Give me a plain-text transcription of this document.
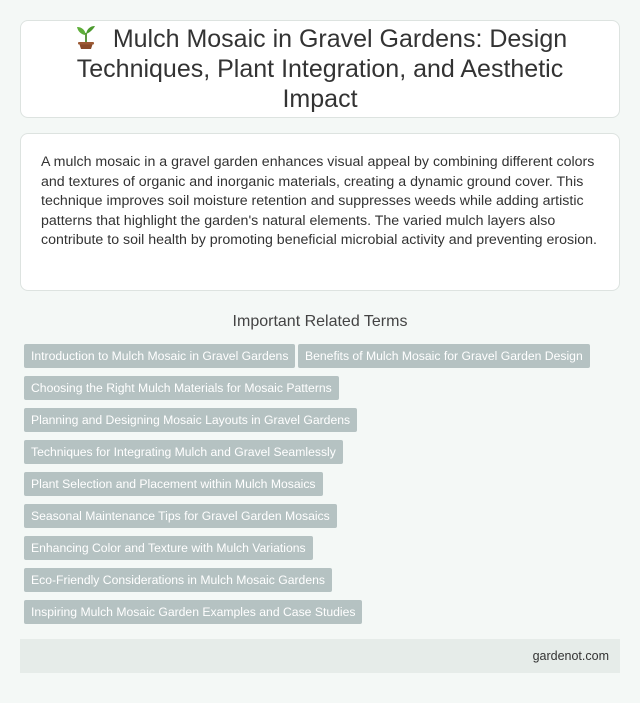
Mulch Mosaic in Gravel Gardens: Design Techniques, Plant Integration, and Aesthetic Impact

A mulch mosaic in a gravel garden enhances visual appeal by combining different colors and textures of organic and inorganic materials, creating a dynamic ground cover. This technique improves soil moisture retention and suppresses weeds while adding artistic patterns that highlight the garden's natural elements. The varied mulch layers also contribute to soil health by promoting beneficial microbial activity and preventing erosion.

Important Related Terms
Introduction to Mulch Mosaic in Gravel Gardens	Benefits of Mulch Mosaic for Gravel Garden Design
Choosing the Right Mulch Materials for Mosaic Patterns
Planning and Designing Mosaic Layouts in Gravel Gardens
Techniques for Integrating Mulch and Gravel Seamlessly
Plant Selection and Placement within Mulch Mosaics
Seasonal Maintenance Tips for Gravel Garden Mosaics
Enhancing Color and Texture with Mulch Variations
Eco-Friendly Considerations in Mulch Mosaic Gardens
Inspiring Mulch Mosaic Garden Examples and Case Studies
gardenot.com
